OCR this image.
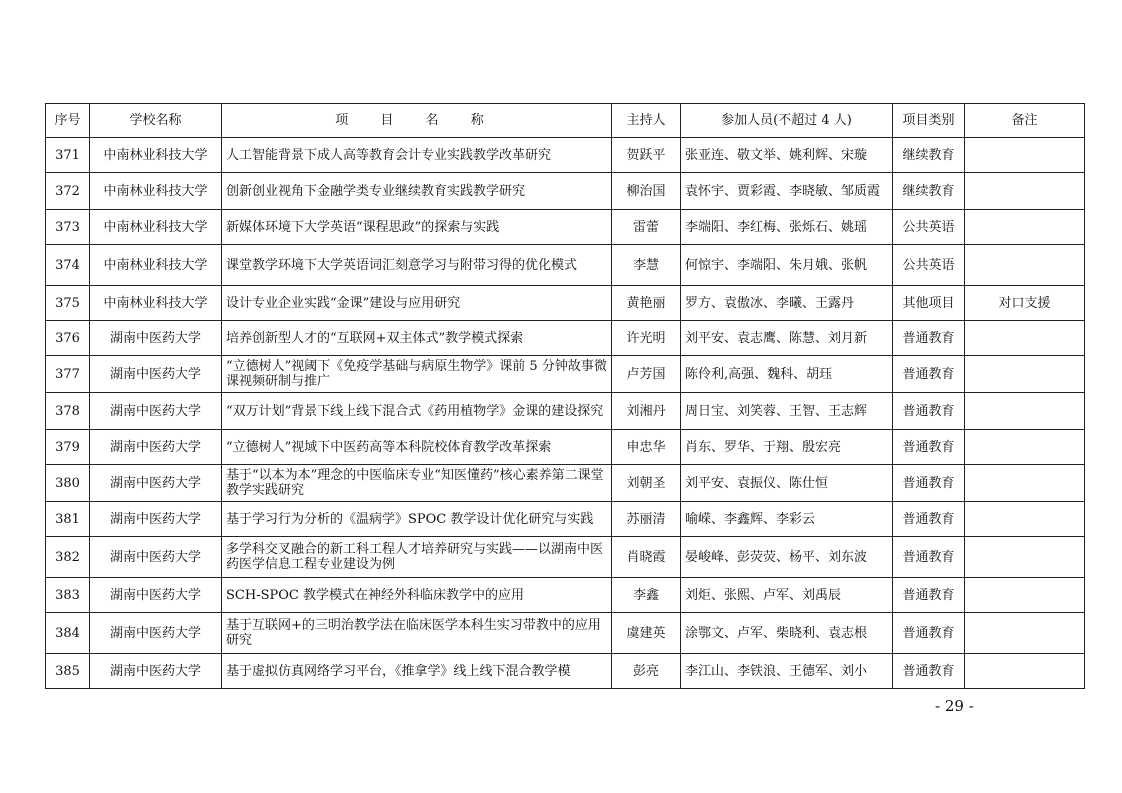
序号	学校名称	项 目 名 称	主持人	参加人员(不超过 4 人)	项目类别	备注
371	中南林业科技大学	人工智能背景下成人高等教育会计专业实践教学改革研究	贺跃平	张亚连、敬文举、姚利辉、宋璇	继续教育	
372	中南林业科技大学	创新创业视角下金融学类专业继续教育实践教学研究	柳治国	袁怀宇、贾彩霞、李晓敏、邹质霞	继续教育	
373	中南林业科技大学	新媒体环境下大学英语“课程思政”的探索与实践	雷蕾	李端阳、李红梅、张烁石、姚瑶	公共英语	
374	中南林业科技大学	课堂教学环境下大学英语词汇刻意学习与附带习得的优化模式	李慧	何惊宇、李端阳、朱月娥、张帆	公共英语	
375	中南林业科技大学	设计专业企业实践“金课”建设与应用研究	黄艳丽	罗方、袁傲冰、李曦、王露丹	其他项目	对口支援
376	湖南中医药大学	培养创新型人才的“互联网+双主体式”教学模式探索	许光明	刘平安、袁志鹰、陈慧、刘月新	普通教育	
377	湖南中医药大学	“立德树人”视阈下《免疫学基础与病原生物学》课前 5 分钟故事微课视频研制与推广	卢芳国	陈伶利,高强、魏科、胡珏	普通教育	
378	湖南中医药大学	“双万计划”背景下线上线下混合式《药用植物学》金课的建设探究	刘湘丹	周日宝、刘笑蓉、王智、王志辉	普通教育	
379	湖南中医药大学	“立德树人”视域下中医药高等本科院校体育教学改革探索	申忠华	肖东、罗华、于翔、殷宏亮	普通教育	
380	湖南中医药大学	基于“以本为本”理念的中医临床专业“知医懂药”核心素养第二课堂教学实践研究	刘朝圣	刘平安、袁振仪、陈仕恒	普通教育	
381	湖南中医药大学	基于学习行为分析的《温病学》SPOC 教学设计优化研究与实践	苏丽清	喻嵘、李鑫辉、李彩云	普通教育	
382	湖南中医药大学	多学科交叉融合的新工科工程人才培养研究与实践——以湖南中医药医学信息工程专业建设为例	肖晓霞	晏峻峰、彭荧荧、杨平、刘东波	普通教育	
383	湖南中医药大学	SCH-SPOC 教学模式在神经外科临床教学中的应用	李鑫	刘炬、张熙、卢军、刘禹辰	普通教育	
384	湖南中医药大学	基于互联网+的三明治教学法在临床医学本科生实习带教中的应用研究	虞建英	涂鄂文、卢军、柴晓利、袁志根	普通教育	
385	湖南中医药大学	基于虚拟仿真网络学习平台，《推拿学》线上线下混合教学模	彭亮	李江山、李铁浪、王德军、刘小	普通教育	
- 29 -
